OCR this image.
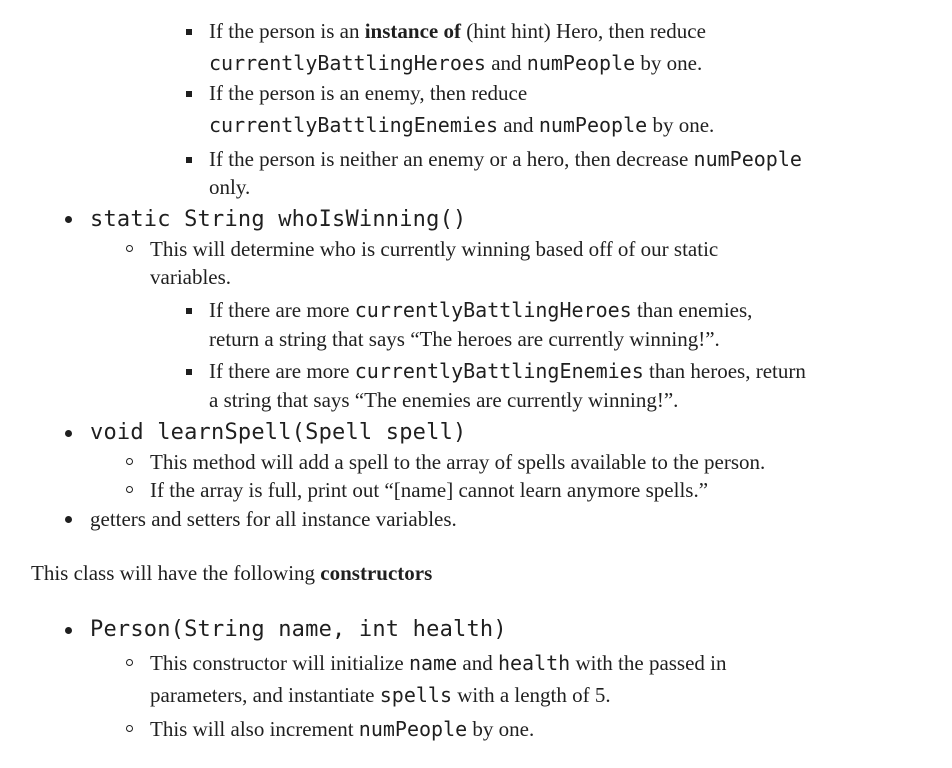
If the person is an instance of (hint hint) Hero, then reduce
currentlyBattlingHeroes and numPeople by one.
If the person is an enemy, then reduce
currentlyBattlingEnemies and numPeople by one.
If the person is neither an enemy or a hero, then decrease numPeople
only.
static String whoIsWinning()
This will determine who is currently winning based off of our static
variables.
If there are more currentlyBattlingHeroes than enemies,
return a string that says “The heroes are currently winning!”.
If there are more currentlyBattlingEnemies than heroes, return
a string that says “The enemies are currently winning!”.
void learnSpell(Spell spell)
This method will add a spell to the array of spells available to the person.
If the array is full, print out “[name] cannot learn anymore spells.”
getters and setters for all instance variables.
This class will have the following constructors
Person(String name, int health)
This constructor will initialize name and health with the passed in
parameters, and instantiate spells with a length of 5.
This will also increment numPeople by one.
